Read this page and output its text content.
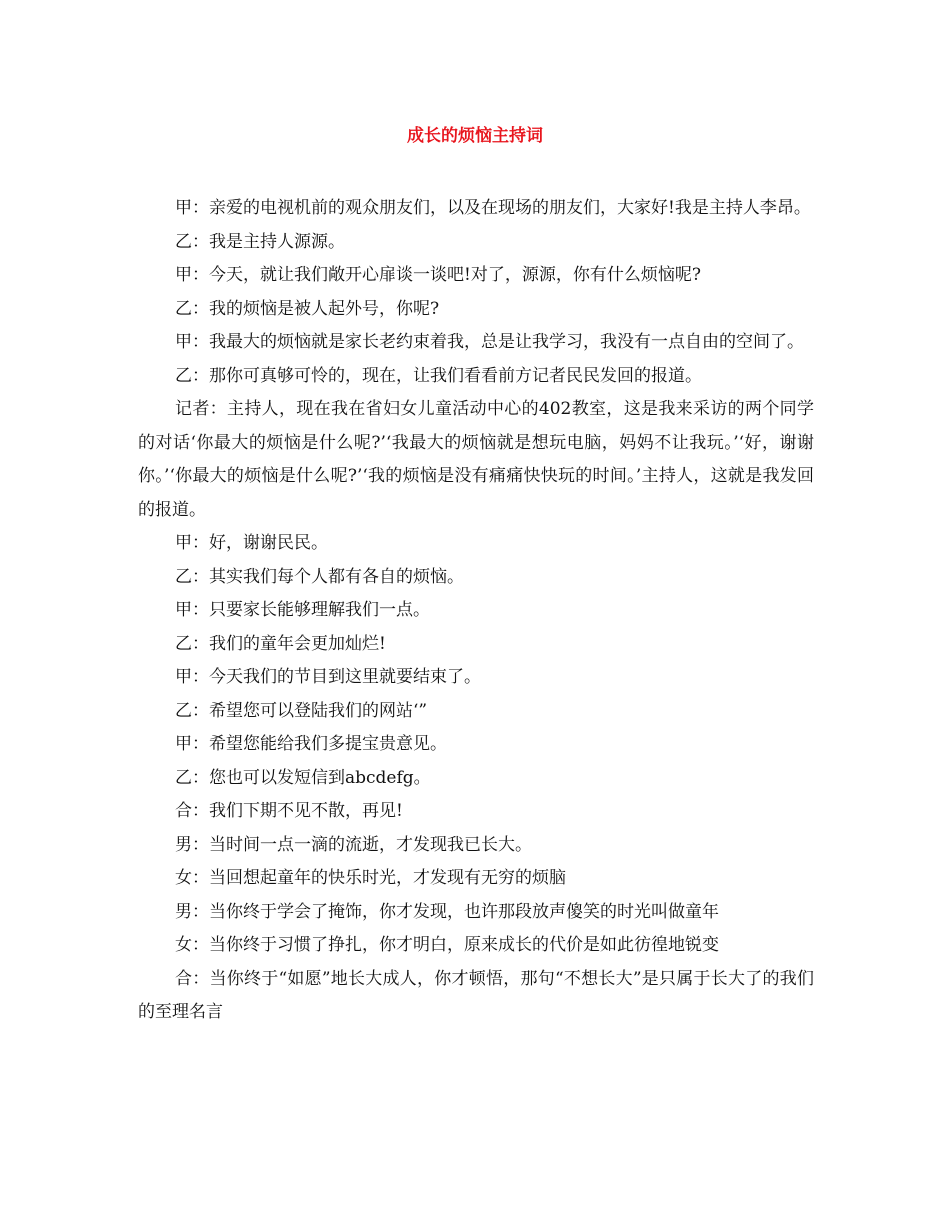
成长的烦恼主持词

甲：亲爱的电视机前的观众朋友们，以及在现场的朋友们，大家好!我是主持人李昂。

乙：我是主持人源源。

甲：今天，就让我们敞开心扉谈一谈吧!对了，源源，你有什么烦恼呢?

乙：我的烦恼是被人起外号，你呢?

甲：我最大的烦恼就是家长老约束着我，总是让我学习，我没有一点自由的空间了。

乙：那你可真够可怜的，现在，让我们看看前方记者民民发回的报道。

记者：主持人，现在我在省妇女儿童活动中心的402教室，这是我来采访的两个同学的对话‘你最大的烦恼是什么呢?’‘我最大的烦恼就是想玩电脑，妈妈不让我玩。’‘好，谢谢你。’‘你最大的烦恼是什么呢?’‘我的烦恼是没有痛痛快快玩的时间。’主持人，这就是我发回的报道。

甲：好，谢谢民民。

乙：其实我们每个人都有各自的烦恼。

甲：只要家长能够理解我们一点。

乙：我们的童年会更加灿烂!

甲：今天我们的节目到这里就要结束了。

乙：希望您可以登陆我们的网站‘”

甲：希望您能给我们多提宝贵意见。

乙：您也可以发短信到abcdefg。

合：我们下期不见不散，再见!

男：当时间一点一滴的流逝，才发现我已长大。

女：当回想起童年的快乐时光，才发现有无穷的烦脑

男：当你终于学会了掩饰，你才发现，也许那段放声傻笑的时光叫做童年

女：当你终于习惯了挣扎，你才明白，原来成长的代价是如此彷徨地锐变

合：当你终于“如愿”地长大成人，你才顿悟，那句“不想长大”是只属于长大了的我们的至理名言
